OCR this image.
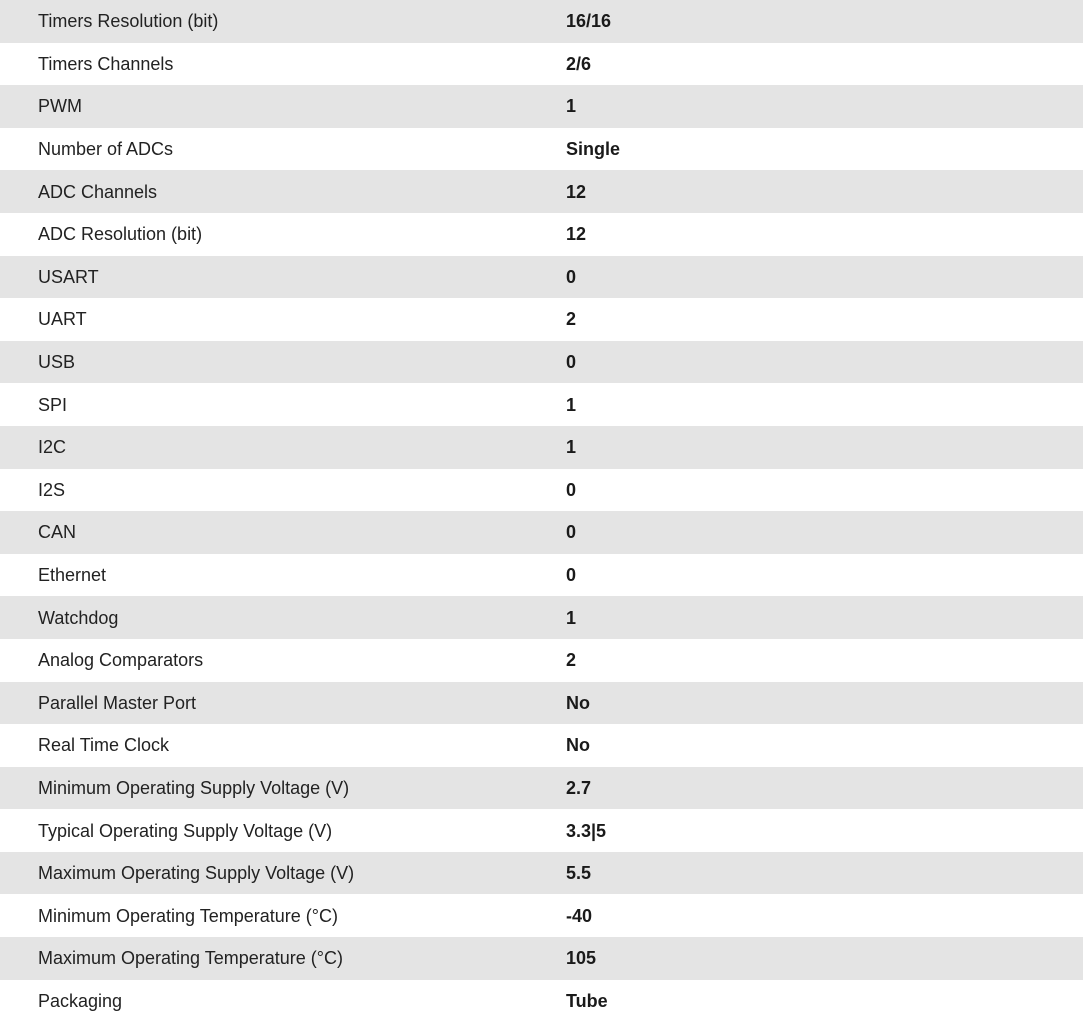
Timers Resolution (bit)	16/16
Timers Channels	2/6
PWM	1
Number of ADCs	Single
ADC Channels	12
ADC Resolution (bit)	12
USART	0
UART	2
USB	0
SPI	1
I2C	1
I2S	0
CAN	0
Ethernet	0
Watchdog	1
Analog Comparators	2
Parallel Master Port	No
Real Time Clock	No
Minimum Operating Supply Voltage (V)	2.7
Typical Operating Supply Voltage (V)	3.3|5
Maximum Operating Supply Voltage (V)	5.5
Minimum Operating Temperature (°C)	-40
Maximum Operating Temperature (°C)	105
Packaging	Tube
